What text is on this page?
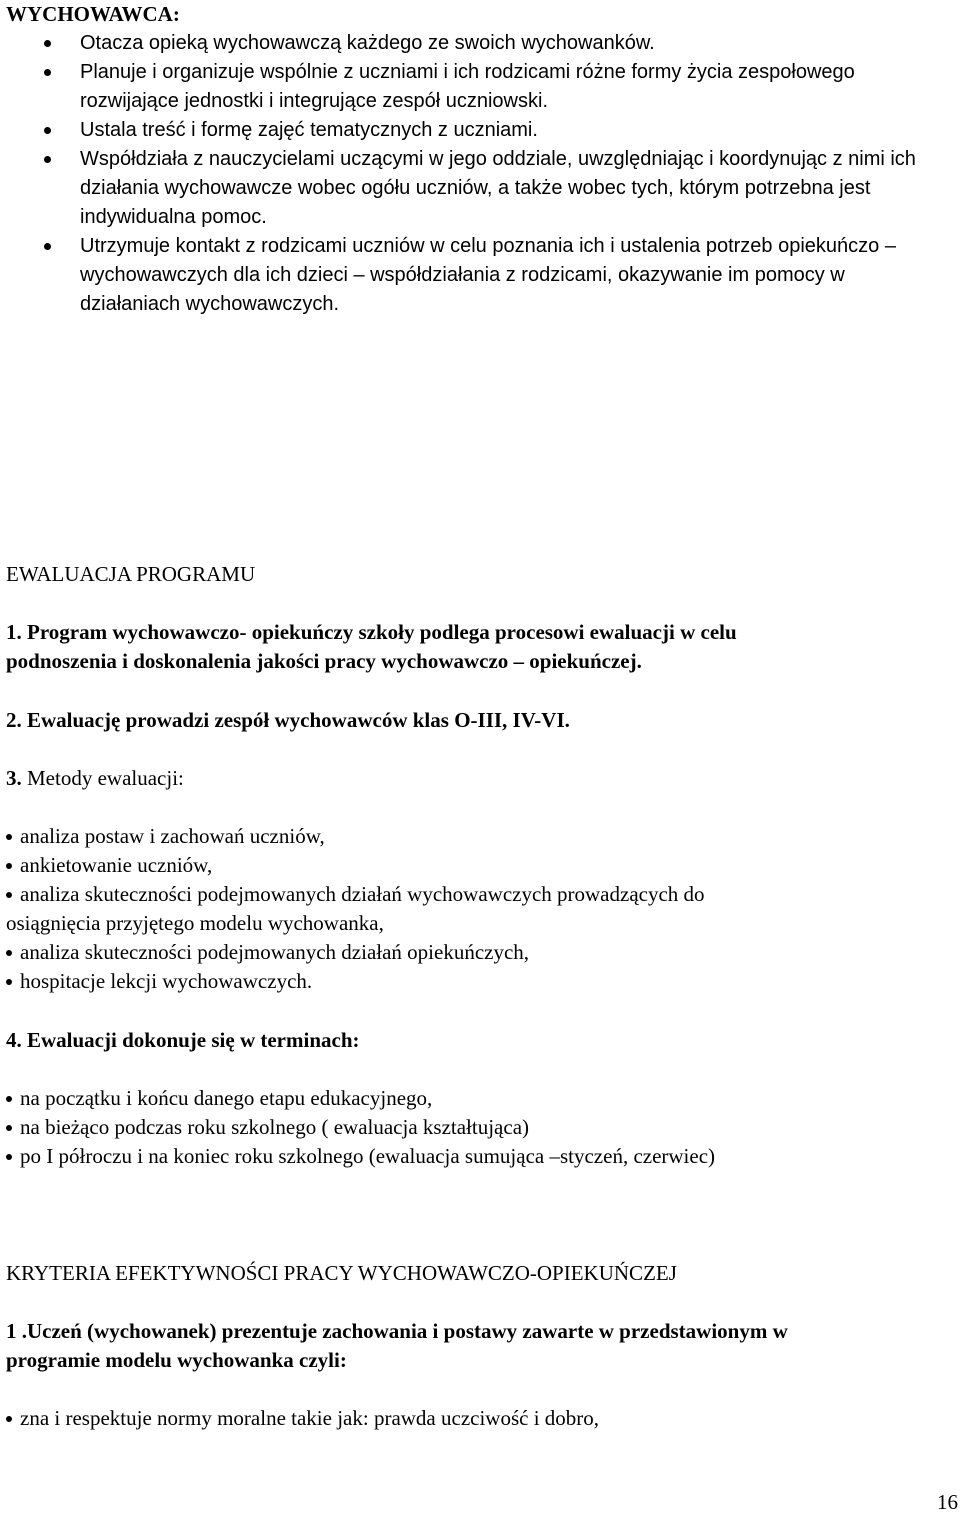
WYCHOWAWCA:
Otacza opieką wychowawczą każdego ze swoich wychowanków.
Planuje i organizuje wspólnie z uczniami i ich rodzicami różne formy życia zespołowego rozwijające jednostki i integrujące zespół uczniowski.
Ustala treść i formę zajęć tematycznych z uczniami.
Współdziała z nauczycielami uczącymi w jego oddziale, uwzględniając i koordynując z nimi ich działania wychowawcze wobec ogółu uczniów, a także wobec tych, którym potrzebna jest indywidualna pomoc.
Utrzymuje kontakt z rodzicami uczniów w celu poznania ich i ustalenia potrzeb opiekuńczo – wychowawczych dla ich dzieci – współdziałania z rodzicami, okazywanie im pomocy w działaniach wychowawczych.
EWALUACJA PROGRAMU
1. Program wychowawczo- opiekuńczy szkoły podlega procesowi ewaluacji w celu
podnoszenia i doskonalenia jakości pracy wychowawczo – opiekuńczej.
2. Ewaluację prowadzi zespół wychowawców klas O-III, IV-VI.
3. Metody ewaluacji:
analiza postaw i zachowań uczniów,
ankietowanie uczniów,
analiza skuteczności podejmowanych działań wychowawczych prowadzących do
osiągnięcia przyjętego modelu wychowanka,
analiza skuteczności podejmowanych działań opiekuńczych,
hospitacje lekcji wychowawczych.
4. Ewaluacji dokonuje się w terminach:
na początku i końcu danego etapu edukacyjnego,
na bieżąco podczas roku szkolnego ( ewaluacja kształtująca)
po I półroczu i na koniec roku szkolnego (ewaluacja sumująca –styczeń, czerwiec)
KRYTERIA EFEKTYWNOŚCI PRACY WYCHOWAWCZO-OPIEKUŃCZEJ
1 .Uczeń (wychowanek) prezentuje zachowania i postawy zawarte w przedstawionym w
programie modelu wychowanka czyli:
zna i respektuje normy moralne takie jak: prawda uczciwość i dobro,
16
